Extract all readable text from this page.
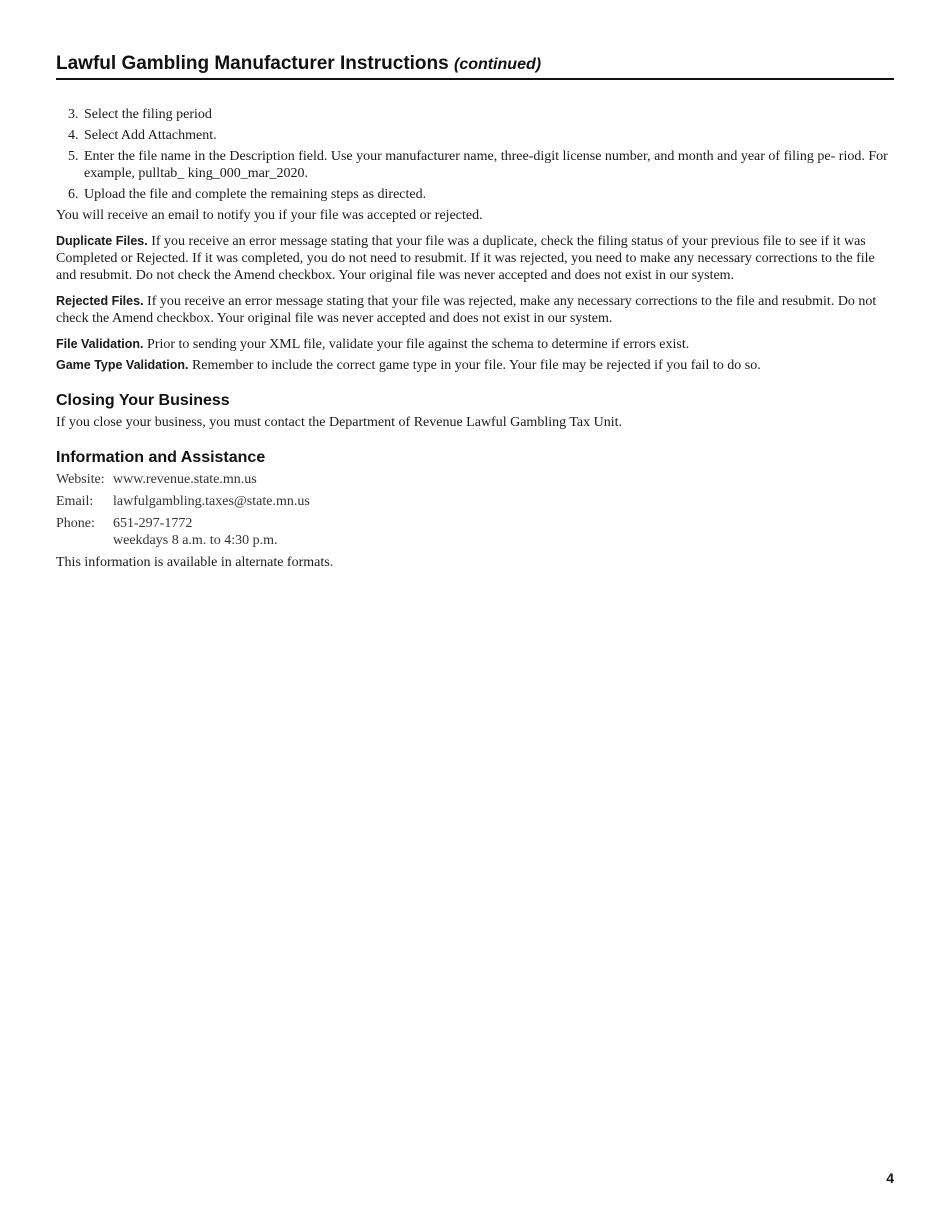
Lawful Gambling Manufacturer Instructions (continued)
3. Select the filing period
4. Select Add Attachment.
5. Enter the file name in the Description field. Use your manufacturer name, three-digit license number, and month and year of filing pe- riod. For example, pulltab_ king_000_mar_2020.
6. Upload the file and complete the remaining steps as directed.

You will receive an email to notify you if your file was accepted or rejected.

Duplicate Files. If you receive an error message stating that your file was a duplicate, check the filing status of your previous file to see if it was Completed or Rejected. If it was completed, you do not need to resubmit. If it was rejected, you need to make any necessary corrections to the file and resubmit. Do not check the Amend checkbox. Your original file was never accepted and does not exist in our system.

Rejected Files. If you receive an error message stating that your file was rejected, make any necessary corrections to the file and resubmit. Do not check the Amend checkbox. Your original file was never accepted and does not exist in our system.

File Validation. Prior to sending your XML file, validate your file against the schema to determine if errors exist.

Game Type Validation. Remember to include the correct game type in your file. Your file may be rejected if you fail to do so.

Closing Your Business

If you close your business, you must contact the Department of Revenue Lawful Gambling Tax Unit.

Information and Assistance
Website: www.revenue.state.mn.us
Email:	lawfulgambling.taxes@state.mn.us
Phone:	651-297-1772
weekdays 8 a.m. to 4:30 p.m.

This information is available in alternate formats.

4
